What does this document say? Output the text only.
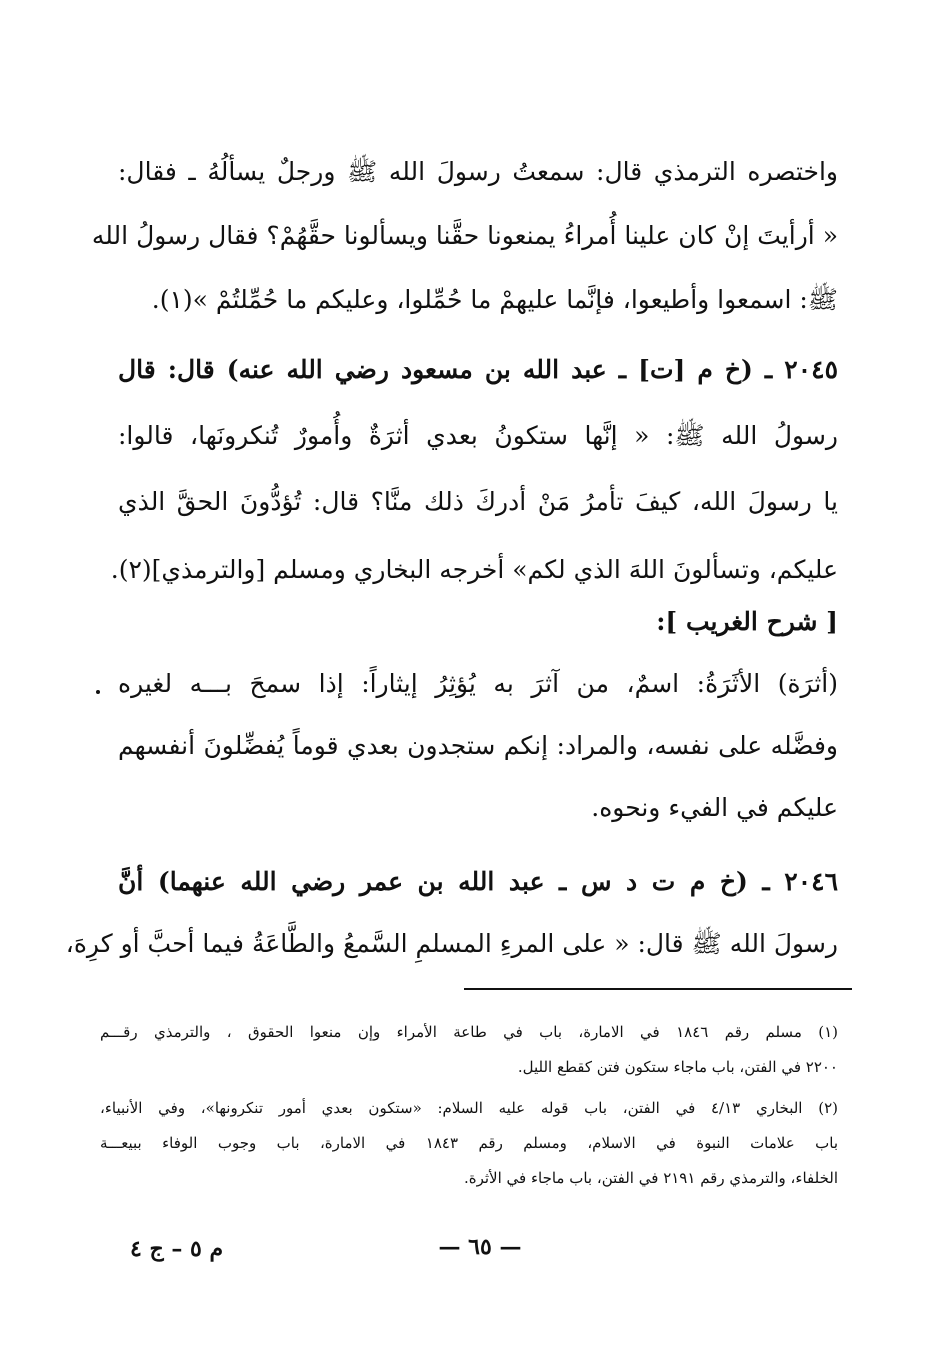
واختصره الترمذي قال: سمعتُ رسولَ الله ﷺ ورجلٌ يسألُهُ ـ فقال:
« أرأيتَ إنْ كان علينا أُمراءُ يمنعونا حقَّنا ويسألونا حقَّهُمْ؟ فقال رسولُ الله
ﷺ: اسمعوا وأطيعوا، فإنَّما عليهمْ ما حُمِّلوا، وعليكم ما حُمِّلتُمْ »(١).
٢٠٤٥ ـ (خ م [ت] ـ عبد الله بن مسعود رضي الله عنه) قال: قال
رسولُ الله ﷺ: « إنَّها ستكونُ بعدي أثرَةٌ وأُمورٌ تُنكرونَها، قالوا:
يا رسولَ الله، كيفَ تأمرُ مَنْ أدركَ ذلك منَّا؟ قال: تُؤدُّونَ الحقَّ الذي
عليكم، وتسألونَ اللهَ الذي لكم» أخرجه البخاري ومسلم [والترمذي](٢).
[ شرح الغريب ]:
(أثرَة) الأثَرَةُ: اسمٌ، من آثرَ به يُؤثِرُ إيثاراً: إذا سمحَ بـــه لغيره
وفضَّله على نفسه، والمراد: إنكم ستجدون بعدي قوماً يُفضِّلونَ أنفسهم
عليكم في الفيء ونحوه.
٢٠٤٦ ـ (خ م ت د س ـ عبد الله بن عمر رضي الله عنهما) أنَّ
رسولَ الله ﷺ قال: « على المرءِ المسلمِ السَّمعُ والطَّاعَةُ فيما أحبَّ أو كرِهَ،
(١) مسلم رقم ١٨٤٦ في الامارة، باب في طاعة الأمراء وإن منعوا الحقوق ، والترمذي رقـــم
٢٢٠٠ في الفتن، باب ماجاء ستكون فتن كقطع الليل.
(٢) البخاري ٤/١٣ في الفتن، باب قوله عليه السلام: «ستكون بعدي أمور تنكرونها»، وفي الأنبياء،
باب علامات النبوة في الاسلام، ومسلم رقم ١٨٤٣ في الامارة، باب وجوب الوفاء ببيعـــة
الخلفاء، والترمذي رقم ٢١٩١ في الفتن، باب ماجاء في الأثرة.
— ٦٥ —
م ٥ – ج ٤
